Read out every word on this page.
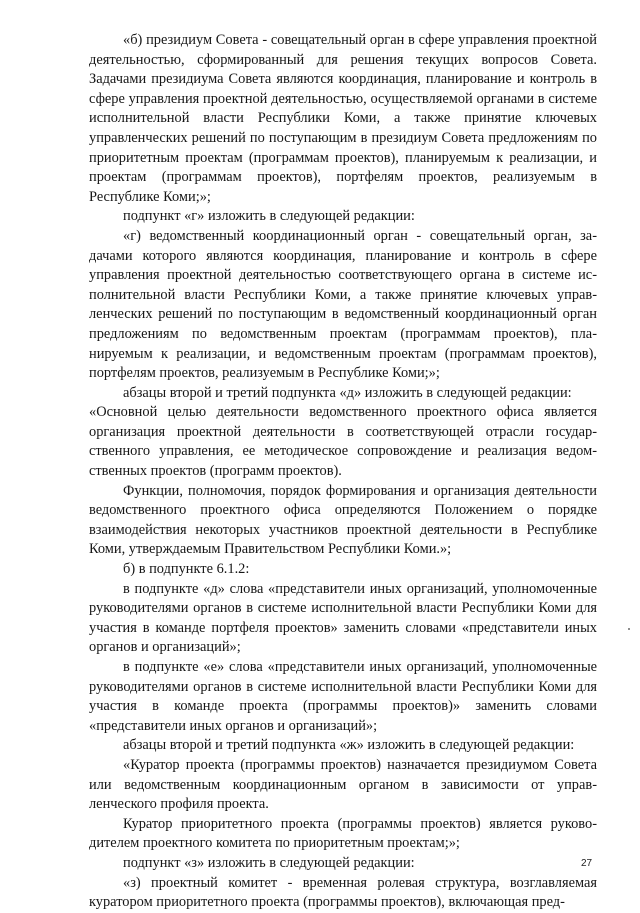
«б) президиум Совета - совещательный орган в сфере управления проектной деятельностью, сформированный для решения текущих вопросов Совета. Задачами президиума Совета являются координация, планирование и контроль в сфере управления проектной деятельностью, осуществляемой органами в системе исполнительной власти Республики Коми, а также принятие ключевых управленческих решений по поступающим в президиум Совета предложениям по приоритетным проектам (программам проектов), планируемым к реализации, и проектам (программам проектов), портфелям проектов, реализуемым в Республике Коми;»;

подпункт «г» изложить в следующей редакции:

«г) ведомственный координационный орган - совещательный орган, задачами которого являются координация, планирование и контроль в сфере управления проектной деятельностью соответствующего органа в системе исполнительной власти Республики Коми, а также принятие ключевых управленческих решений по поступающим в ведомственный координационный орган предложениям по ведомственным проектам (программам проектов), планируемым к реализации, и ведомственным проектам (программам проектов), портфелям проектов, реализуемым в Республике Коми;»;

абзацы второй и третий подпункта «д» изложить в следующей редакции:

«Основной целью деятельности ведомственного проектного офиса является организация проектной деятельности в соответствующей отрасли государственного управления, ее методическое сопровождение и реализация ведомственных проектов (программ проектов).

Функции, полномочия, порядок формирования и организация деятельности ведомственного проектного офиса определяются Положением о порядке взаимодействия некоторых участников проектной деятельности в Республике Коми, утверждаемым Правительством Республики Коми.»;

б) в подпункте 6.1.2:

в подпункте «д» слова «представители иных организаций, уполномоченные руководителями органов в системе исполнительной власти Республики Коми для участия в команде портфеля проектов» заменить словами «представители иных органов и организаций»;

в подпункте «е» слова «представители иных организаций, уполномоченные руководителями органов в системе исполнительной власти Республики Коми для участия в команде проекта (программы проектов)» заменить словами «представители иных органов и организаций»;

абзацы второй и третий подпункта «ж» изложить в следующей редакции:

«Куратор проекта (программы проектов) назначается президиумом Совета или ведомственным координационным органом в зависимости от управленческого профиля проекта.

Куратор приоритетного проекта (программы проектов) является руководителем проектного комитета по приоритетным проектам;»;

подпункт «з» изложить в следующей редакции:

«з) проектный комитет - временная ролевая структура, возглавляемая куратором приоритетного проекта (программы проектов), включающая пред-

27
